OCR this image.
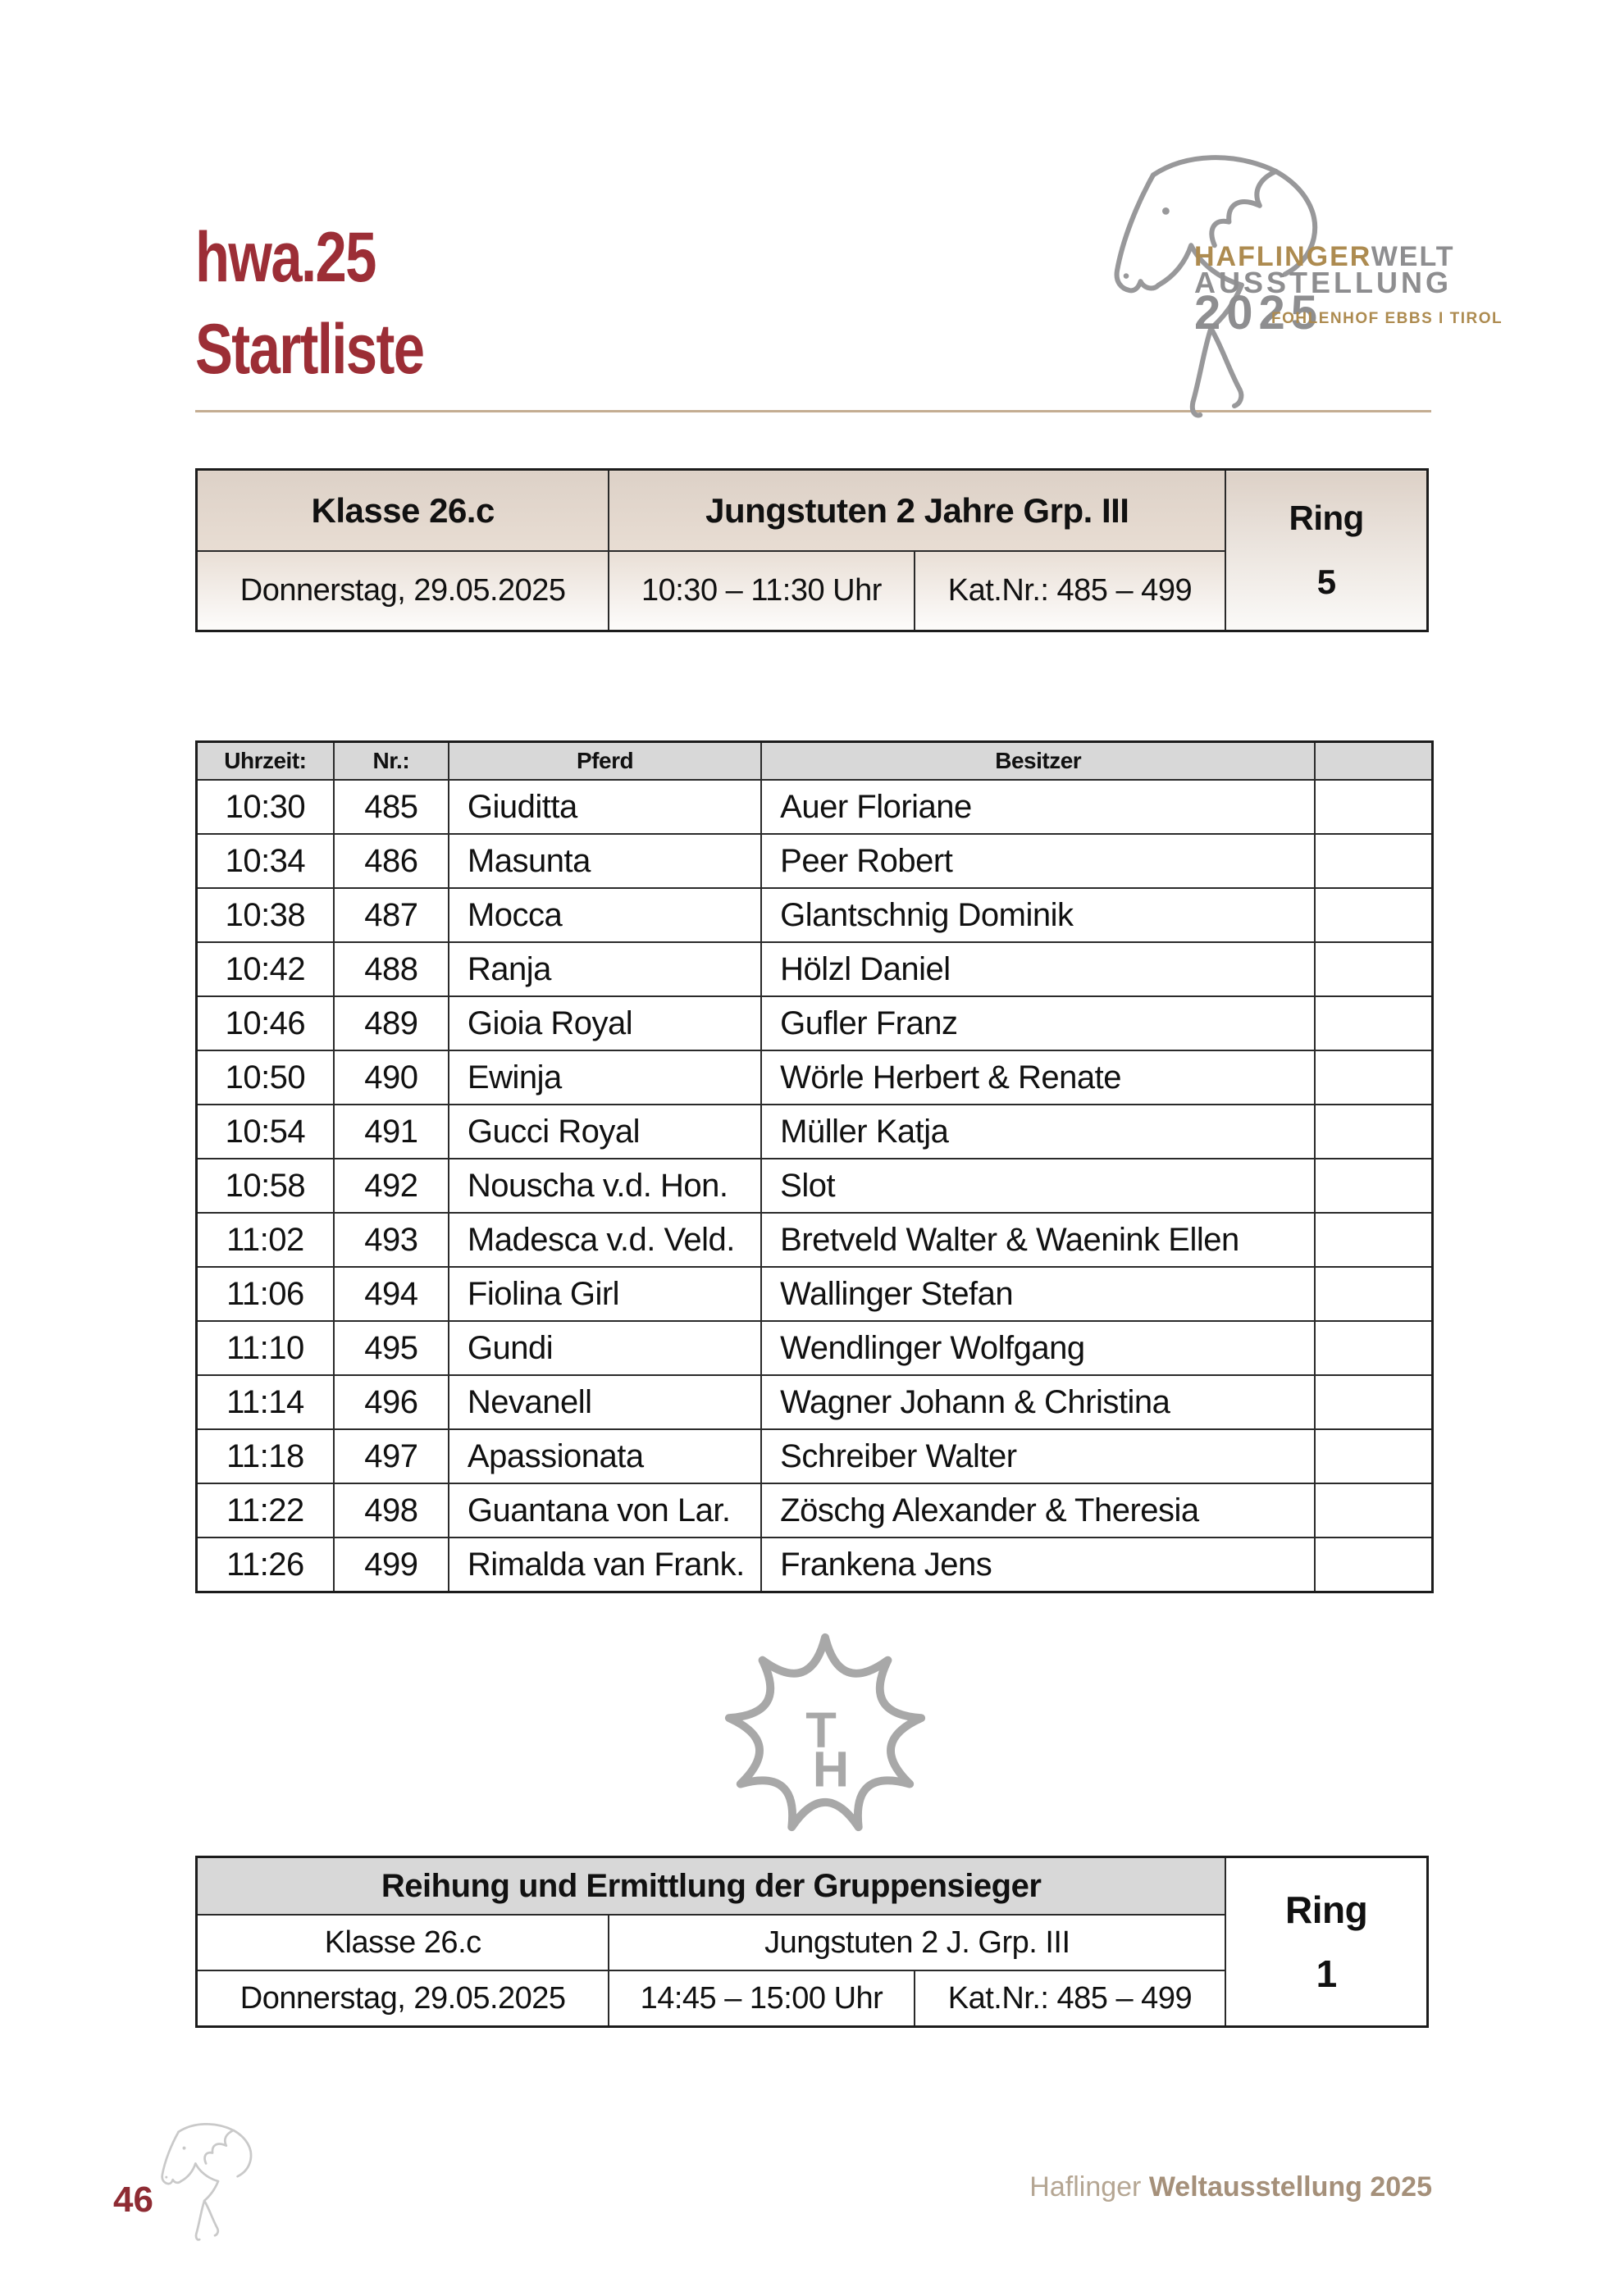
hwa.25
Startliste
HAFLINGERWELT
AUSSTELLUNG
2025
FOHLENHOF EBBS I TIROL
Klasse 26.c	Jungstuten 2 Jahre Grp. III		Ring
5

Donnerstag, 29.05.2025	10:30 – 11:30 Uhr	Kat.Nr.: 485 – 499	
Uhrzeit:	Nr.:	Pferd	Besitzer	
10:30	485	Giuditta	Auer Floriane	
10:34	486	Masunta	Peer Robert	
10:38	487	Mocca	Glantschnig Dominik	
10:42	488	Ranja	Hölzl Daniel	
10:46	489	Gioia Royal	Gufler Franz	
10:50	490	Ewinja	Wörle Herbert & Renate	
10:54	491	Gucci Royal	Müller Katja	
10:58	492	Nouscha v.d. Hon.	Slot	
11:02	493	Madesca v.d. Veld.	Bretveld Walter & Waenink Ellen	
11:06	494	Fiolina Girl	Wallinger Stefan	
11:10	495	Gundi	Wendlinger Wolfgang	
11:14	496	Nevanell	Wagner Johann & Christina	
11:18	497	Apassionata	Schreiber Walter	
11:22	498	Guantana von Lar.	Zöschg Alexander & Theresia	
11:26	499	Rimalda van Frank.	Frankena Jens	
T
H
Reihung und Ermittlung der Gruppensieger			Ring
1

Klasse 26.c	Jungstuten 2 J. Grp. III		
Donnerstag, 29.05.2025	14:45 – 15:00 Uhr	Kat.Nr.: 485 – 499	
46	Haflinger Weltausstellung 2025
